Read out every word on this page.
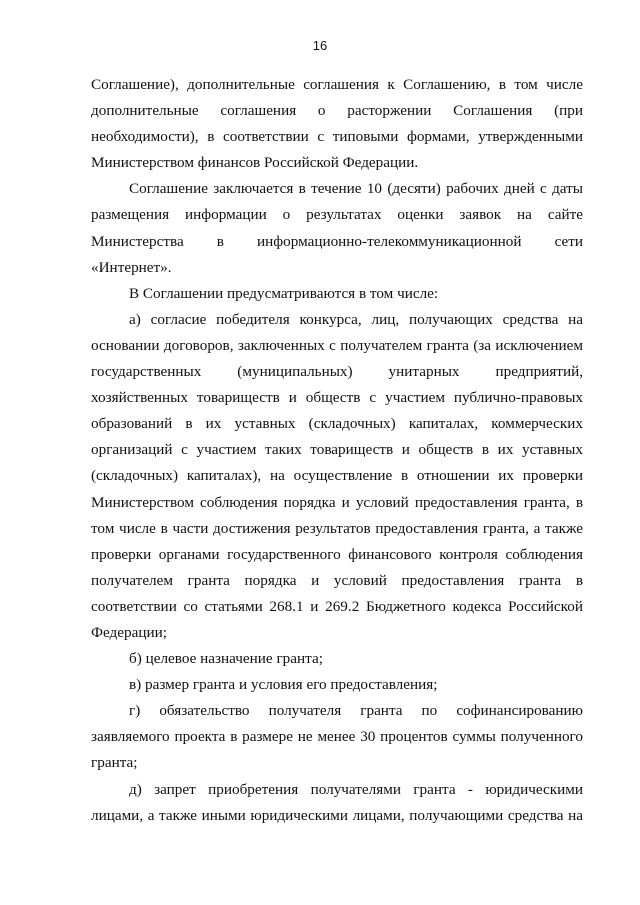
16
Соглашение), дополнительные соглашения к Соглашению, в том числе
дополнительные соглашения о расторжении Соглашения (при
необходимости), в соответствии с типовыми формами, утвержденными
Министерством финансов Российской Федерации.
Соглашение заключается в течение 10 (десяти) рабочих дней с даты
размещения информации о результатах оценки заявок на сайте
Министерства в информационно-телекоммуникационной сети
«Интернет».
В Соглашении предусматриваются в том числе:
а) согласие победителя конкурса, лиц, получающих средства на
основании договоров, заключенных с получателем гранта (за исключением
государственных (муниципальных) унитарных предприятий,
хозяйственных товариществ и обществ с участием публично-правовых
образований в их уставных (складочных) капиталах, коммерческих
организаций с участием таких товариществ и обществ в их уставных
(складочных) капиталах), на осуществление в отношении их проверки
Министерством соблюдения порядка и условий предоставления гранта, в
том числе в части достижения результатов предоставления гранта, а также
проверки органами государственного финансового контроля соблюдения
получателем гранта порядка и условий предоставления гранта в
соответствии со статьями 268.1 и 269.2 Бюджетного кодекса Российской
Федерации;
б) целевое назначение гранта;
в) размер гранта и условия его предоставления;
г) обязательство получателя гранта по софинансированию
заявляемого проекта в размере не менее 30 процентов суммы полученного
гранта;
д) запрет приобретения получателями гранта - юридическими
лицами, а также иными юридическими лицами, получающими средства на
